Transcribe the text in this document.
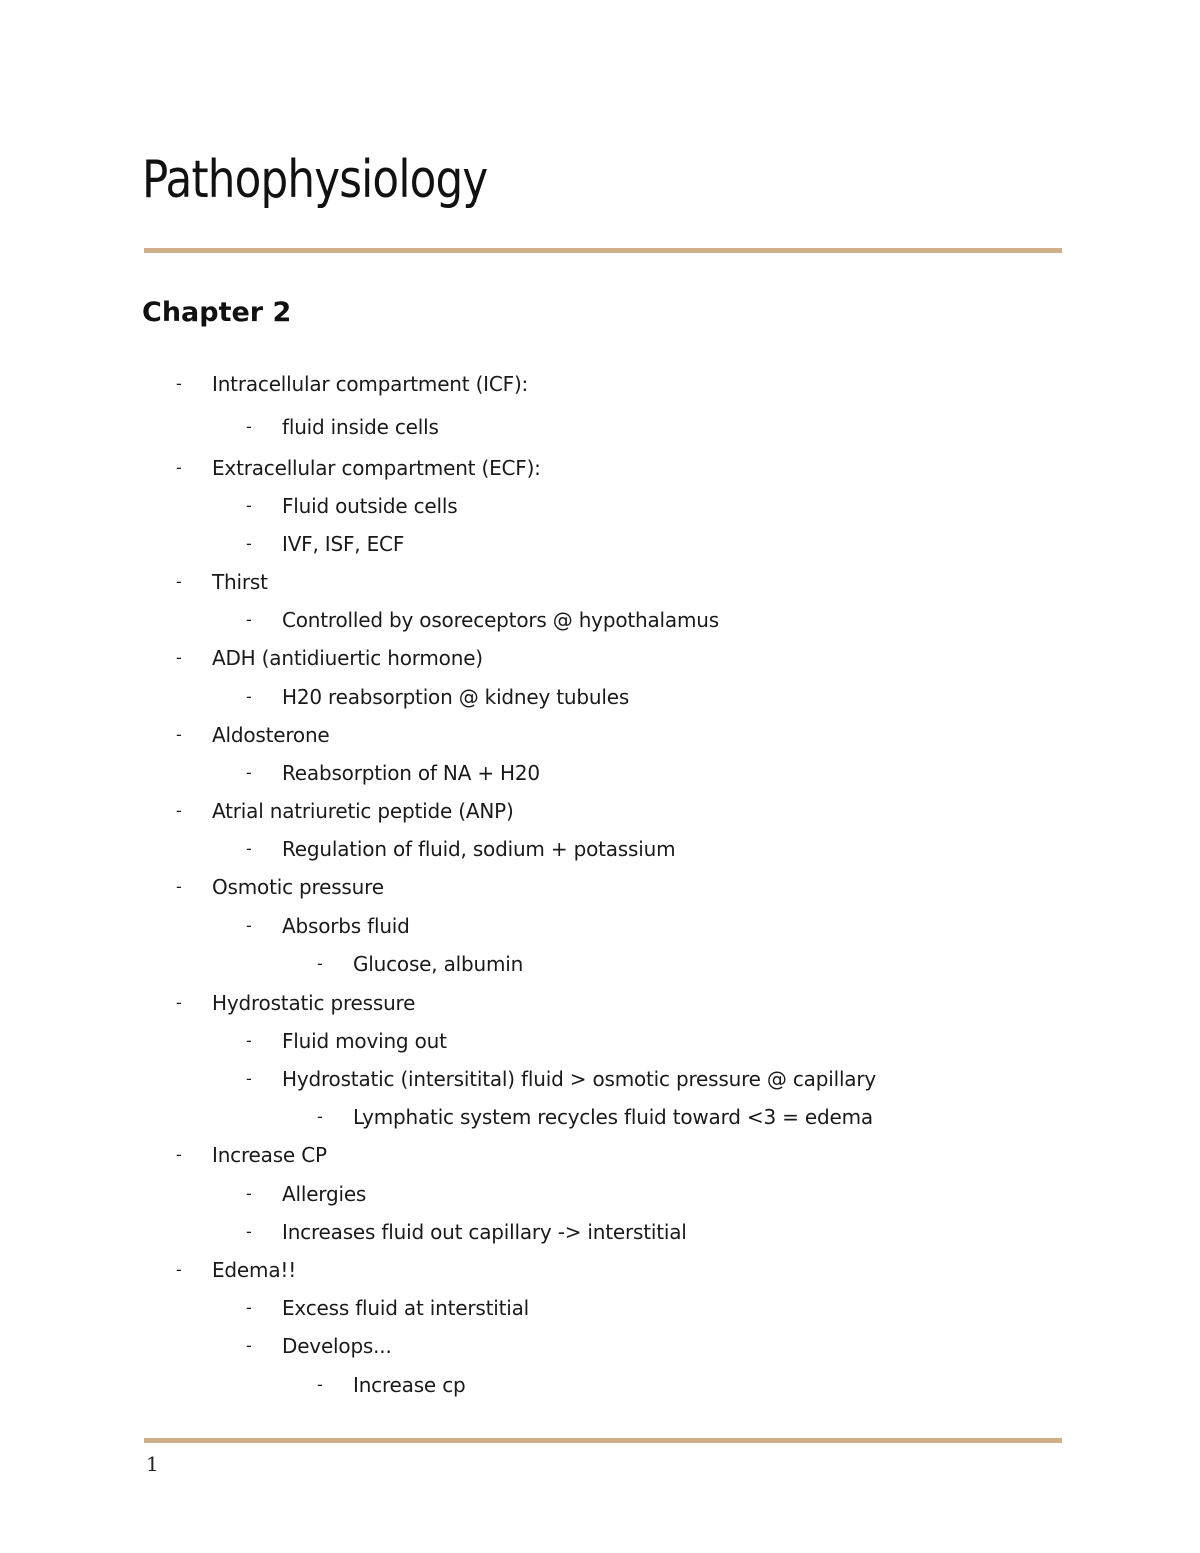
Pathophysiology
Chapter 2
- Intracellular compartment (ICF):
- fluid inside cells
- Extracellular compartment (ECF):
- Fluid outside cells
- IVF, ISF, ECF
- Thirst
- Controlled by osoreceptors @ hypothalamus
- ADH (antidiuertic hormone)
- H20 reabsorption @ kidney tubules
- Aldosterone
- Reabsorption of NA + H20
- Atrial natriuretic peptide (ANP)
- Regulation of fluid, sodium + potassium
- Osmotic pressure
- Absorbs fluid
- Glucose, albumin
- Hydrostatic pressure
- Fluid moving out
- Hydrostatic (intersitital) fluid > osmotic pressure @ capillary
- Lymphatic system recycles fluid toward <3 = edema
- Increase CP
- Allergies
- Increases fluid out capillary -> interstitial
- Edema!!
- Excess fluid at interstitial
- Develops...
- Increase cp
1
